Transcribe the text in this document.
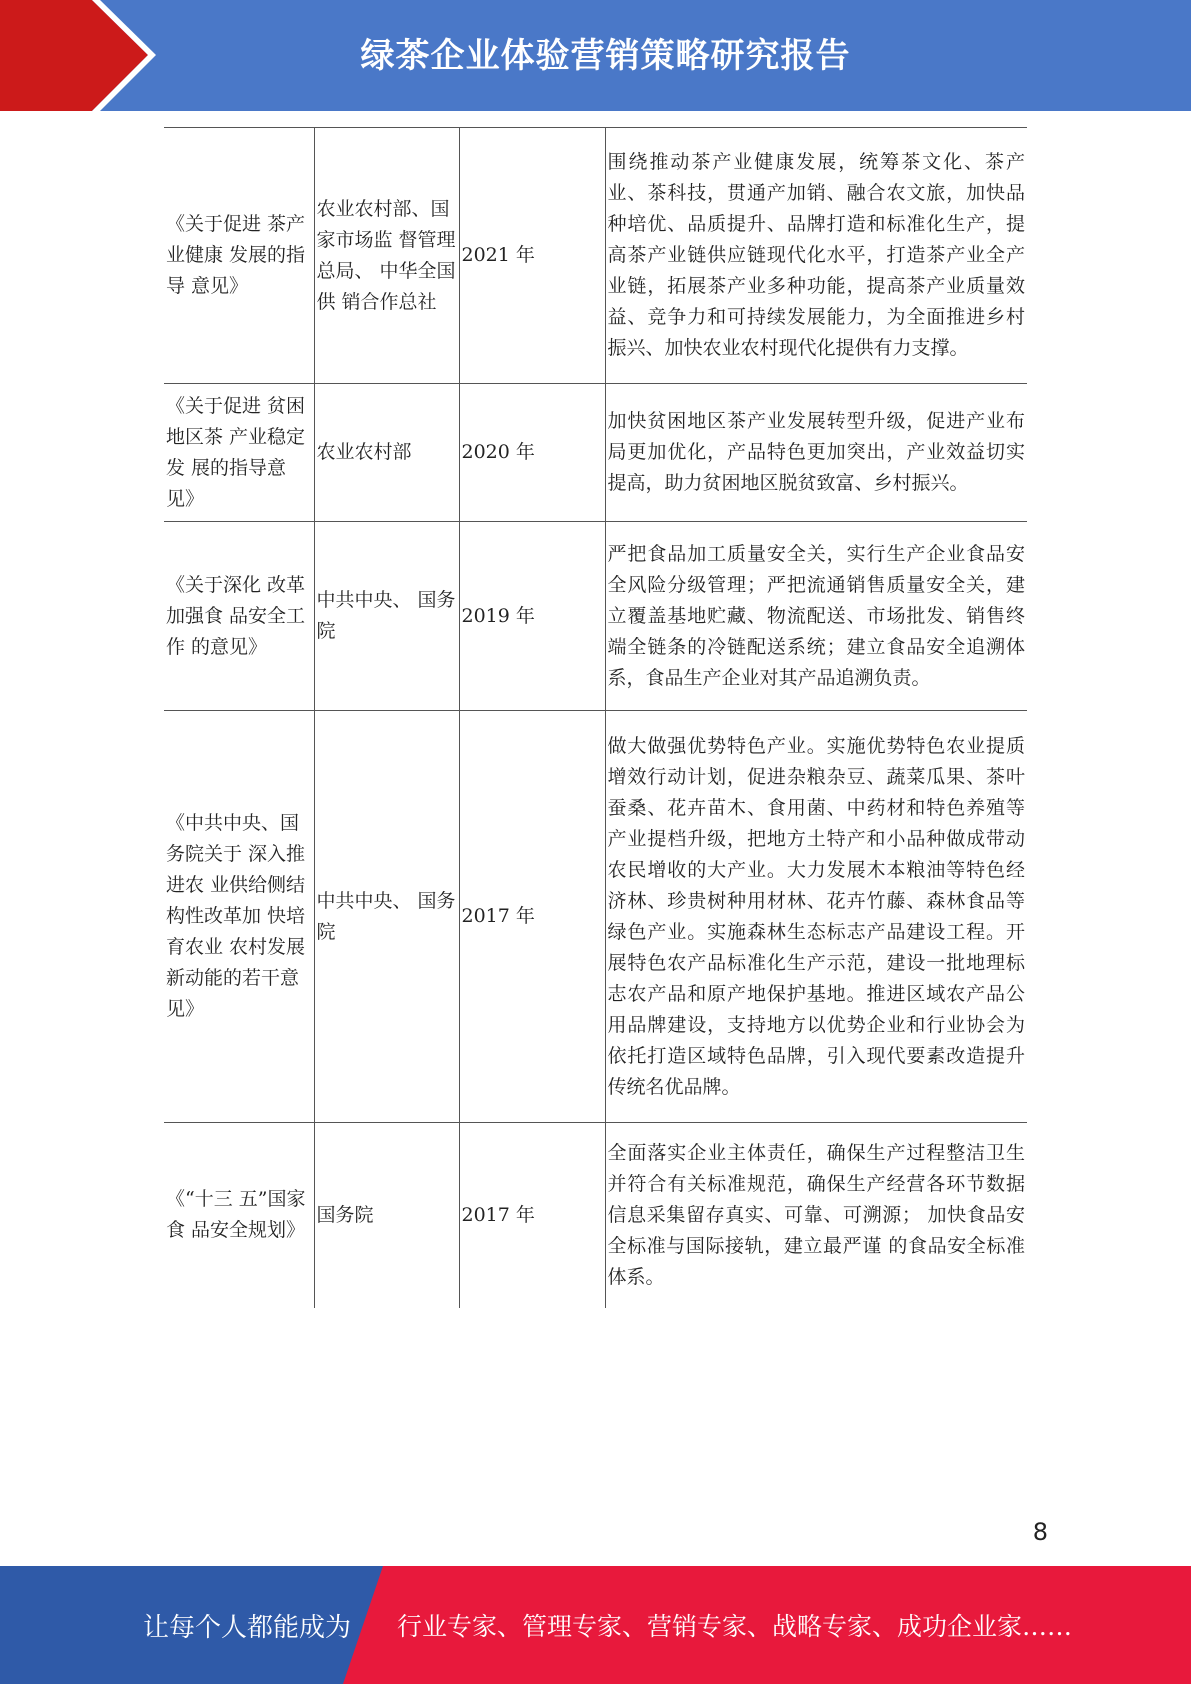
绿茶企业体验营销策略研究报告
《关于促进 茶产业健康 发展的指导 意见》	农业农村部、国家市场监 督管理总局、 中华全国供 销合作总社	2021 年	围绕推动茶产业健康发展，统筹茶文化、茶产业、茶科技，贯通产加销、融合农文旅，加快品种培优、品质提升、品牌打造和标准化生产，提高茶产业链供应链现代化水平，打造茶产业全产业链，拓展茶产业多种功能，提高茶产业质量效益、竞争力和可持续发展能力，为全面推进乡村振兴、加快农业农村现代化提供有力支撑。
《关于促进 贫困地区茶 产业稳定发 展的指导意 见》	农业农村部	2020 年	加快贫困地区茶产业发展转型升级，促进产业布局更加优化，产品特色更加突出，产业效益切实提高，助力贫困地区脱贫致富、乡村振兴。
《关于深化 改革加强食 品安全工作 的意见》	中共中央、 国务院	2019 年	严把食品加工质量安全关，实行生产企业食品安全风险分级管理；严把流通销售质量安全关，建立覆盖基地贮藏、物流配送、市场批发、销售终端全链条的冷链配送系统；建立食品安全追溯体系，食品生产企业对其产品追溯负责。
《中共中央、国务院关于 深入推进农 业供给侧结 构性改革加 快培育农业 农村发展新动能的若干意见》	中共中央、 国务院	2017 年	做大做强优势特色产业。实施优势特色农业提质增效行动计划，促进杂粮杂豆、蔬菜瓜果、茶叶蚕桑、花卉苗木、食用菌、中药材和特色养殖等产业提档升级，把地方土特产和小品种做成带动农民增收的大产业。大力发展木本粮油等特色经济林、珍贵树种用材林、花卉竹藤、森林食品等绿色产业。实施森林生态标志产品建设工程。开展特色农产品标准化生产示范，建设一批地理标志农产品和原产地保护基地。推进区域农产品公用品牌建设，支持地方以优势企业和行业协会为依托打造区域特色品牌，引入现代要素改造提升传统名优品牌。
《“十三 五”国家食 品安全规划》	国务院	2017 年	全面落实企业主体责任，确保生产过程整洁卫生并符合有关标准规范，确保生产经营各环节数据信息采集留存真实、可靠、可溯源； 加快食品安全标准与国际接轨，建立最严谨 的食品安全标准体系。
8
让每个人都能成为 行业专家、管理专家、营销专家、战略专家、成功企业家……
